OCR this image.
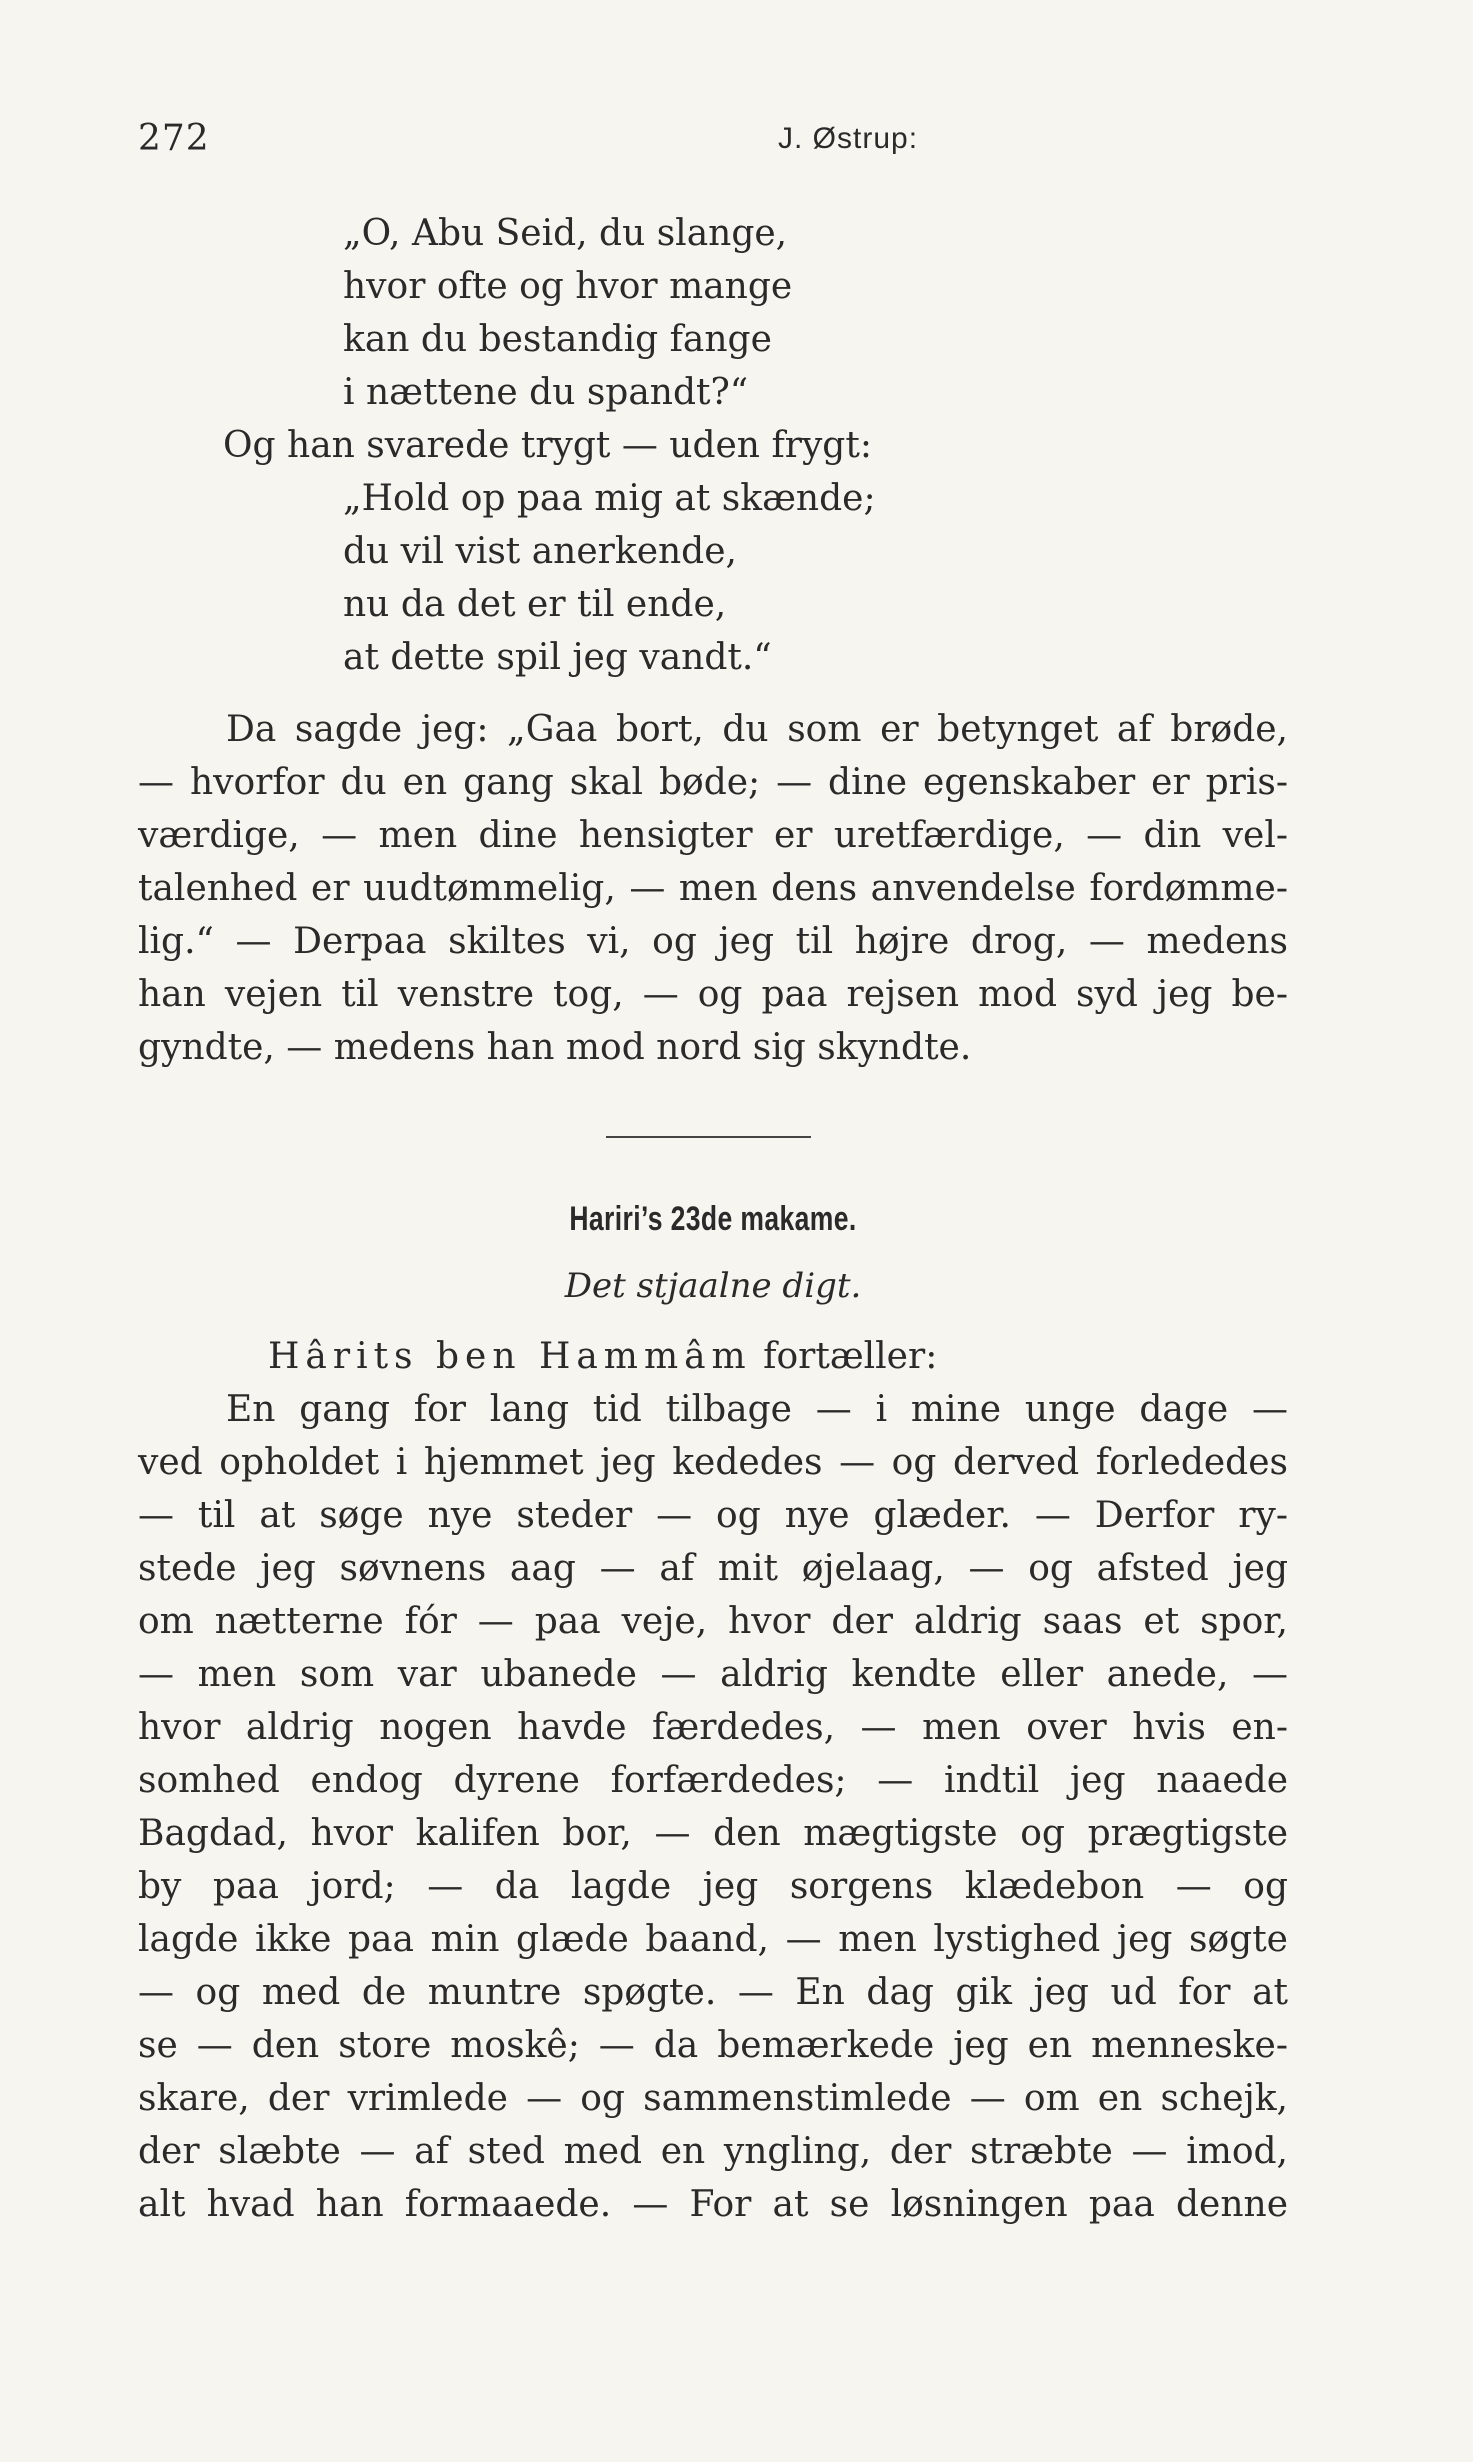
272	J. Østrup:
„O, Abu Seid, du slange,
hvor ofte og hvor mange
kan du bestandig fange
i nættene du spandt?“
Og han svarede trygt — uden frygt:
„Hold op paa mig at skænde;
du vil vist anerkende,
nu da det er til ende,
at dette spil jeg vandt.“
Da sagde jeg: „Gaa bort, du som er betynget af brøde,
— hvorfor du en gang skal bøde; — dine egenskaber er pris-
værdige, — men dine hensigter er uretfærdige, — din vel-
talenhed er uudtømmelig, — men dens anvendelse fordømme-
lig.“ — Derpaa skiltes vi, og jeg til højre drog, — medens
han vejen til venstre tog, — og paa rejsen mod syd jeg be-
gyndte, — medens han mod nord sig skyndte.
Hariri’s 23de makame.
Det stjaalne digt.
Hârits ben Hammâm fortæller:
En gang for lang tid tilbage — i mine unge dage —
ved opholdet i hjemmet jeg kededes — og derved forlededes
— til at søge nye steder — og nye glæder. — Derfor ry-
stede jeg søvnens aag — af mit øjelaag, — og afsted jeg
om nætterne fór — paa veje, hvor der aldrig saas et spor,
— men som var ubanede — aldrig kendte eller anede, —
hvor aldrig nogen havde færdedes, — men over hvis en-
somhed endog dyrene forfærdedes; — indtil jeg naaede
Bagdad, hvor kalifen bor, — den mægtigste og prægtigste
by paa jord; — da lagde jeg sorgens klædebon — og
lagde ikke paa min glæde baand, — men lystighed jeg søgte
— og med de muntre spøgte. — En dag gik jeg ud for at
se — den store moskê; — da bemærkede jeg en menneske-
skare, der vrimlede — og sammenstimlede — om en schejk,
der slæbte — af sted med en yngling, der stræbte — imod,
alt hvad han formaaede. — For at se løsningen paa denne
